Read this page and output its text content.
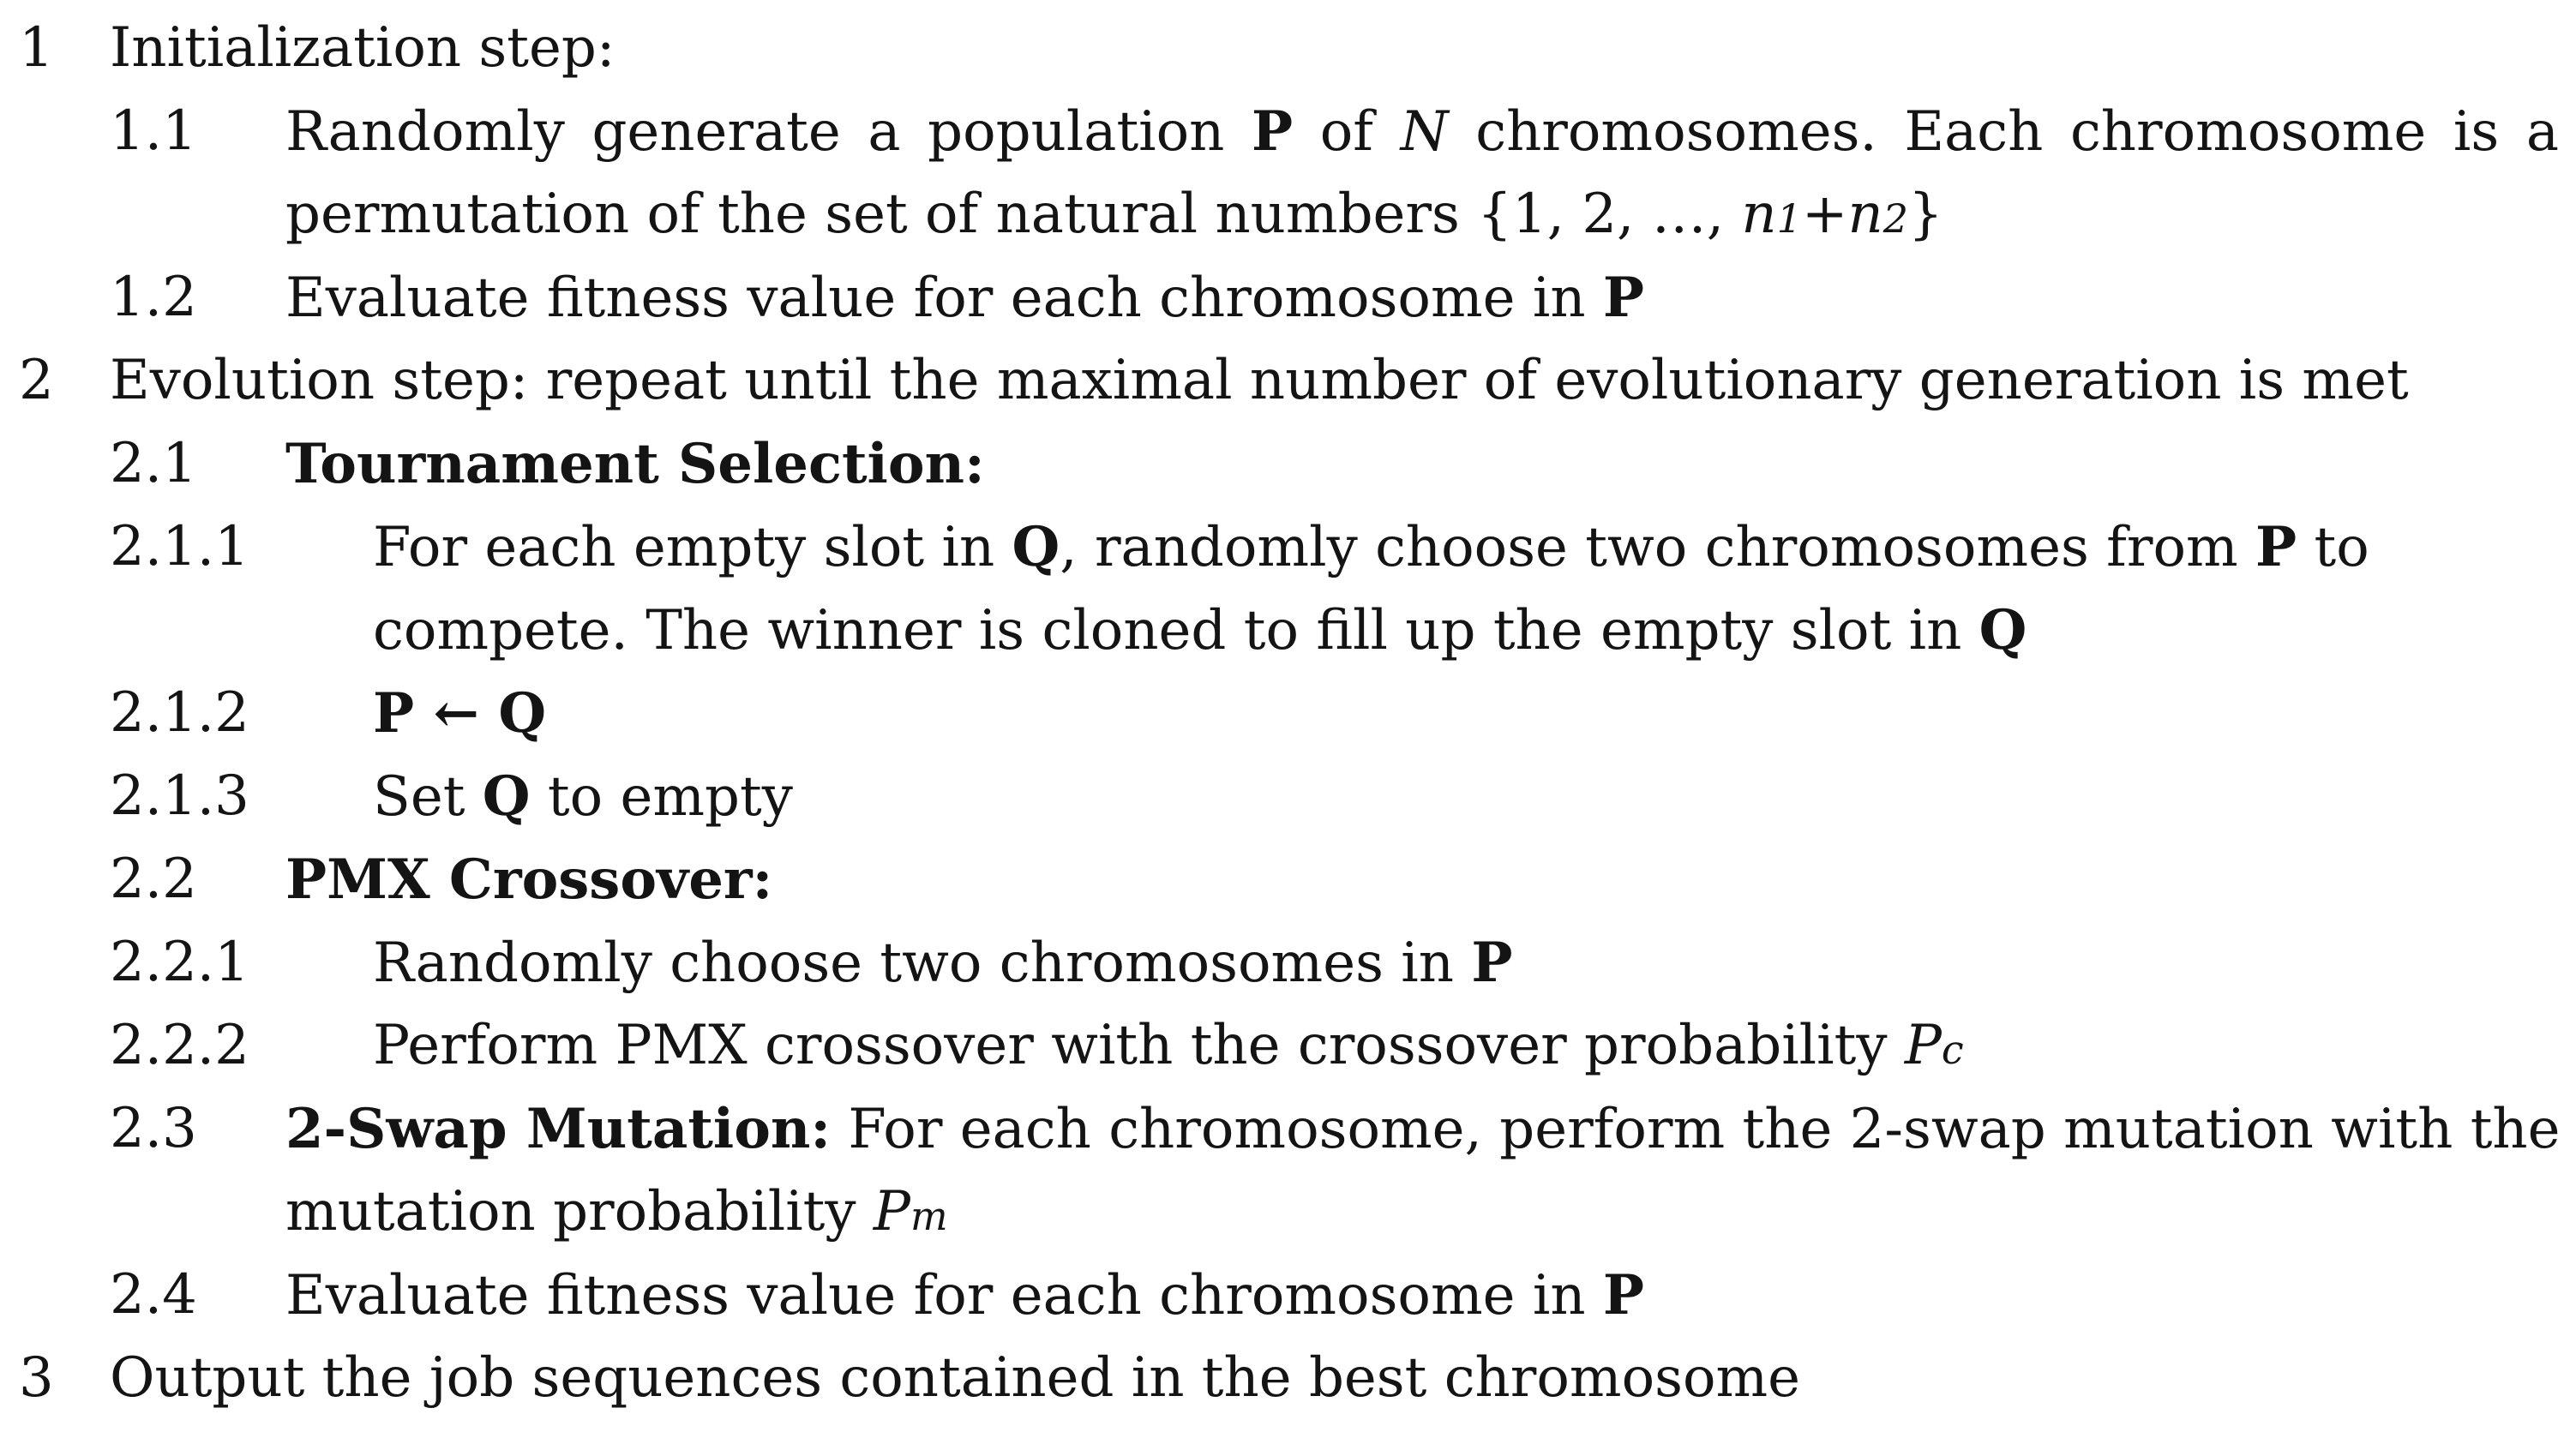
1 Initialization step:
1.1 Randomly generate a population P of N chromosomes. Each chromosome is a
permutation of the set of natural numbers {1, 2, …, n1+n2}
1.2 Evaluate fitness value for each chromosome in P
2 Evolution step: repeat until the maximal number of evolutionary generation is met
2.1 Tournament Selection:
2.1.1 For each empty slot in Q, randomly choose two chromosomes from P to
compete. The winner is cloned to fill up the empty slot in Q
2.1.2 P ← Q
2.1.3 Set Q to empty
2.2 PMX Crossover:
2.2.1 Randomly choose two chromosomes in P
2.2.2 Perform PMX crossover with the crossover probability Pc
2.3 2-Swap Mutation: For each chromosome, perform the 2-swap mutation with the
mutation probability Pm
2.4 Evaluate fitness value for each chromosome in P
3 Output the job sequences contained in the best chromosome
